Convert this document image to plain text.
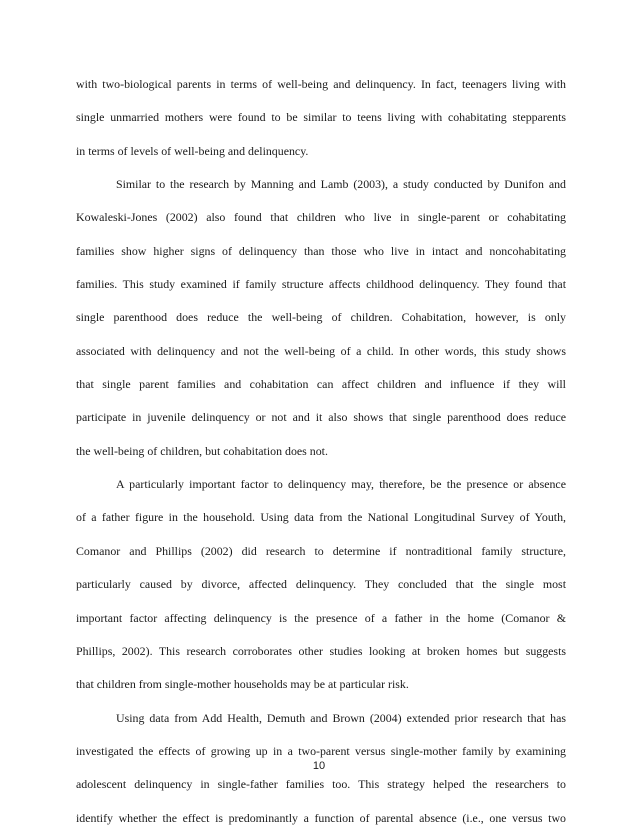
with two-biological parents in terms of well-being and delinquency. In fact, teenagers living with
single unmarried mothers were found to be similar to teens living with cohabitating stepparents
in terms of levels of well-being and delinquency.
Similar to the research by Manning and Lamb (2003), a study conducted by Dunifon and
Kowaleski-Jones (2002) also found that children who live in single-parent or cohabitating
families show higher signs of delinquency than those who live in intact and noncohabitating
families. This study examined if family structure affects childhood delinquency. They found that
single parenthood does reduce the well-being of children. Cohabitation, however, is only
associated with delinquency and not the well-being of a child. In other words, this study shows
that single parent families and cohabitation can affect children and influence if they will
participate in juvenile delinquency or not and it also shows that single parenthood does reduce
the well-being of children, but cohabitation does not.
A particularly important factor to delinquency may, therefore, be the presence or absence
of a father figure in the household. Using data from the National Longitudinal Survey of Youth,
Comanor and Phillips (2002) did research to determine if nontraditional family structure,
particularly caused by divorce, affected delinquency. They concluded that the single most
important factor affecting delinquency is the presence of a father in the home (Comanor &
Phillips, 2002). This research corroborates other studies looking at broken homes but suggests
that children from single-mother households may be at particular risk.
Using data from Add Health, Demuth and Brown (2004) extended prior research that has
investigated the effects of growing up in a two-parent versus single-mother family by examining
adolescent delinquency in single-father families too. This strategy helped the researchers to
identify whether the effect is predominantly a function of parental absence (i.e., one versus two
10
